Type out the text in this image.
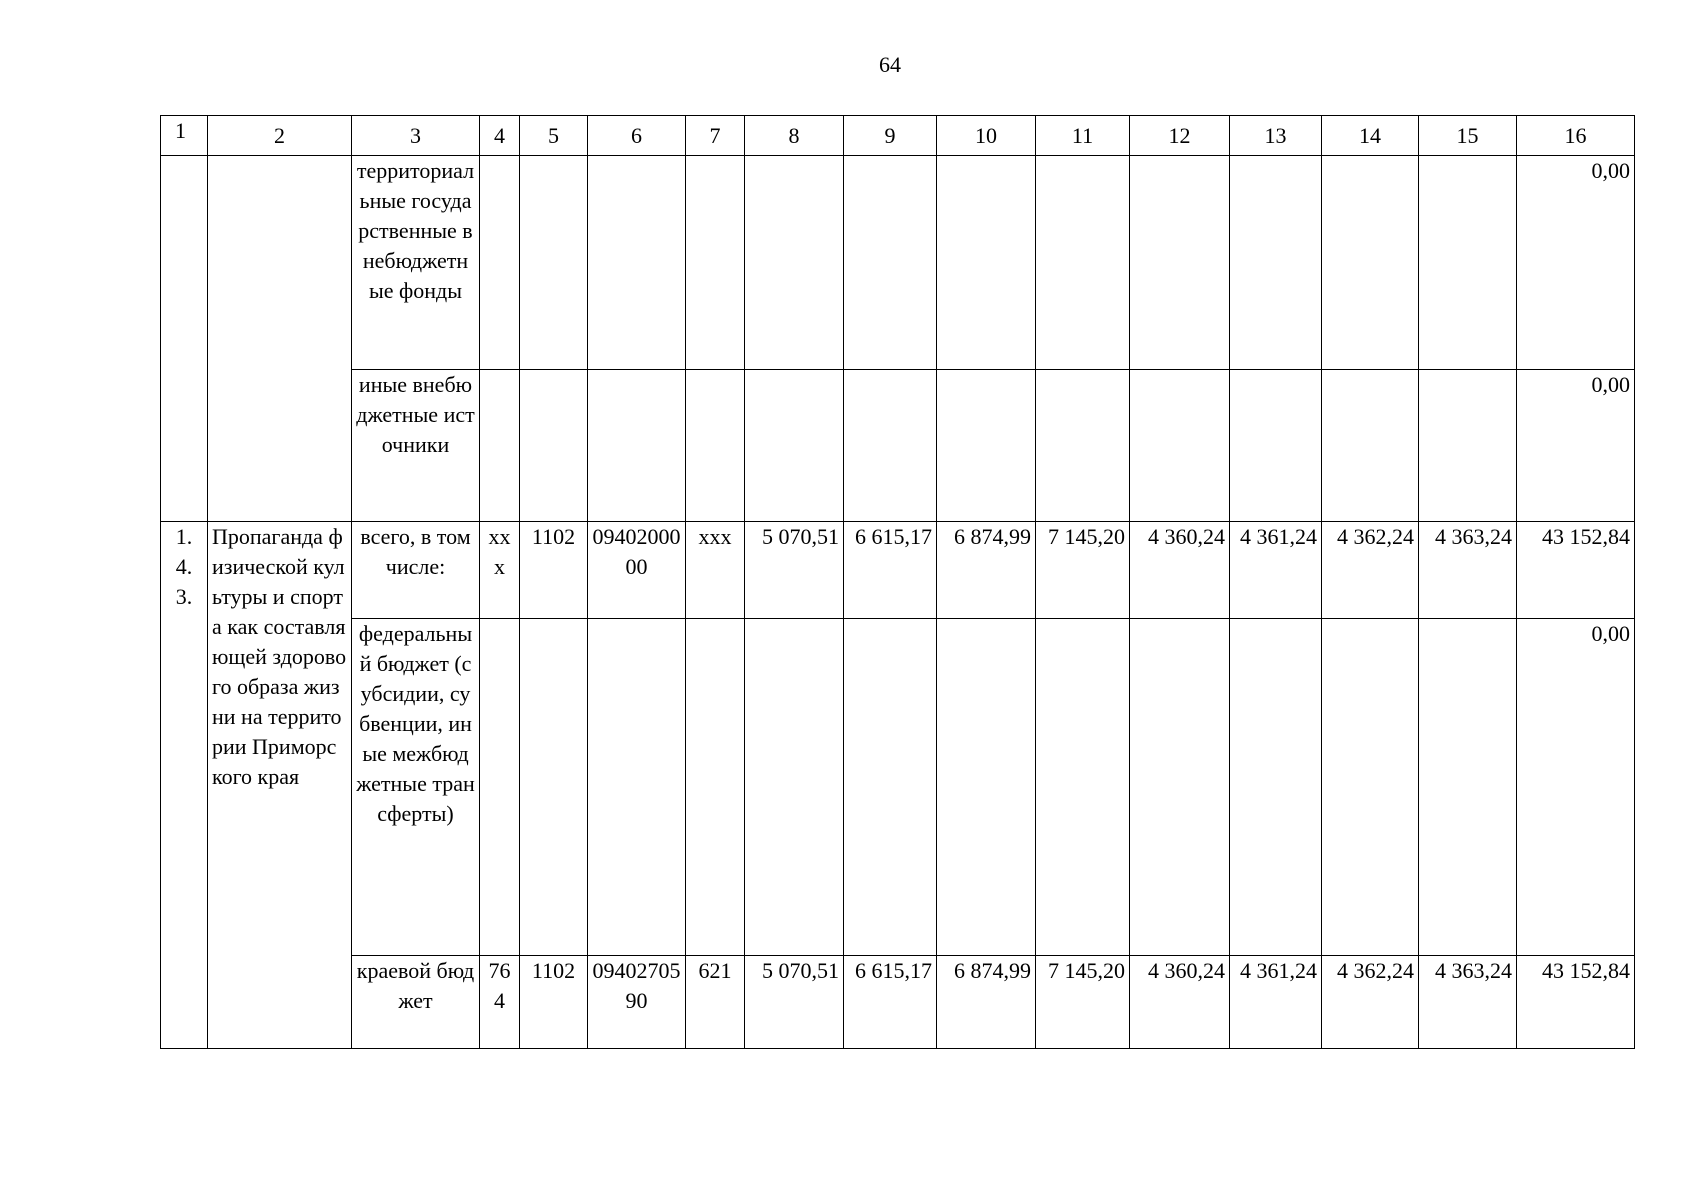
64
1	2	3	4	5	6	7	8	9	10	11	12	13	14	15	16
		территориальные государственные внебюджетные фонды													0,00
		иные внебюджетные источники													0,00
1. 4. 3.	Пропаганда физической культуры и спорта как составляющей здорового образа жизни на территории Приморского края	всего, в том числе:	ххх	1102	0940200000	ххх	5 070,51	6 615,17	6 874,99	7 145,20	4 360,24	4 361,24	4 362,24	4 363,24	43 152,84
		федеральный бюджет (субсидии, субвенции, иные межбюджетные трансферты)													0,00
		краевой бюджет	764	1102	0940270590	621	5 070,51	6 615,17	6 874,99	7 145,20	4 360,24	4 361,24	4 362,24	4 363,24	43 152,84
